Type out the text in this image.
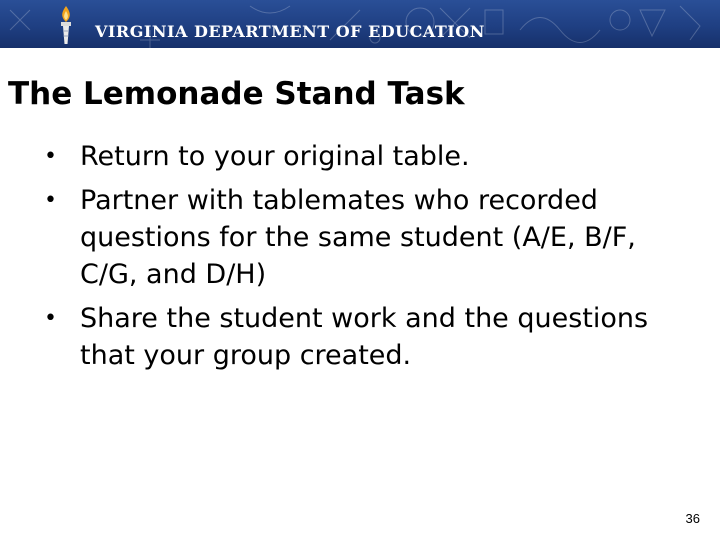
VIRGINIA DEPARTMENT OF EDUCATION
The Lemonade Stand Task
• Return to your original table.
• Partner with tablemates who recorded questions for the same student (A/E, B/F, C/G, and D/H)
• Share the student work and the questions that your group created.
36
